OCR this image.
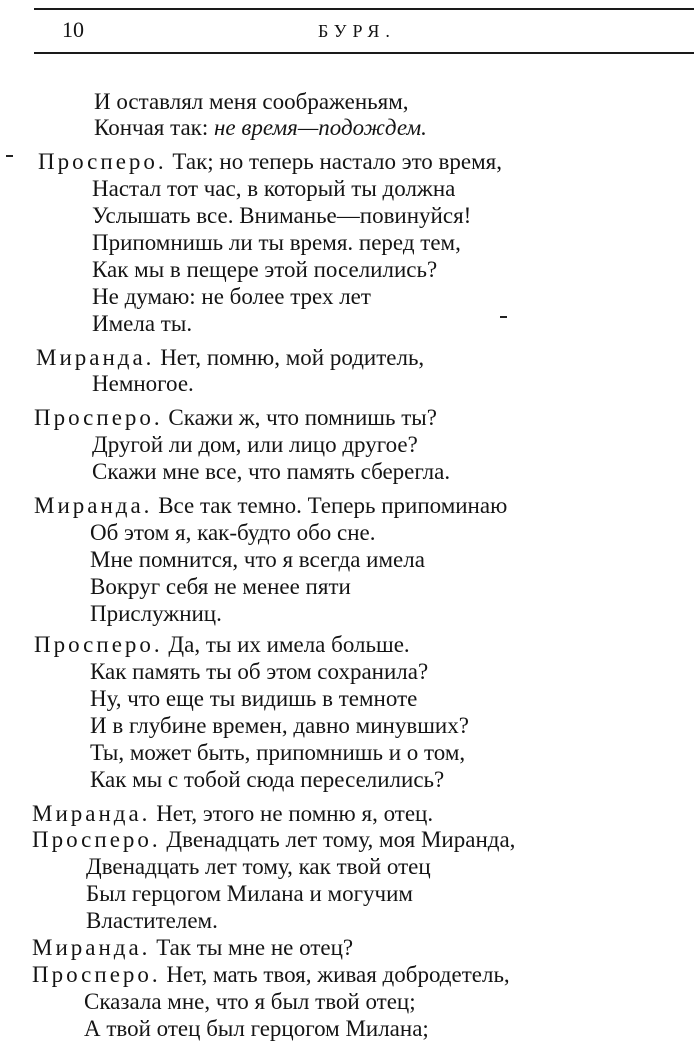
10	БУРЯ.
И оставлял меня соображеньям,
Кончая так: не время—подождем.
Просперо. Так; но теперь настало это время,
Настал тот час, в который ты должна
Услышать все. Вниманье—повинуйся!
Припомнишь ли ты время. перед тем,
Как мы в пещере этой поселились?
Не думаю: не более трех лет
Имела ты.
Миранда. Нет, помню, мой родитель,
Немногое.
Просперо. Скажи ж, что помнишь ты?
Другой ли дом, или лицо другое?
Скажи мне все, что память сберегла.
Миранда. Все так темно. Теперь припоминаю
Об этом я, как-будто обо сне.
Мне помнится, что я всегда имела
Вокруг себя не менее пяти
Прислужниц.
Просперо. Да, ты их имела больше.
Как память ты об этом сохранила?
Ну, что еще ты видишь в темноте
И в глубине времен, давно минувших?
Ты, может быть, припомнишь и о том,
Как мы с тобой сюда переселились?
Миранда. Нет, этого не помню я, отец.
Просперо. Двенадцать лет тому, моя Миранда,
Двенадцать лет тому, как твой отец
Был герцогом Милана и могучим
Властителем.
Миранда. Так ты мне не отец?
Просперо. Нет, мать твоя, живая добродетель,
Сказала мне, что я был твой отец;
А твой отец был герцогом Милана;
